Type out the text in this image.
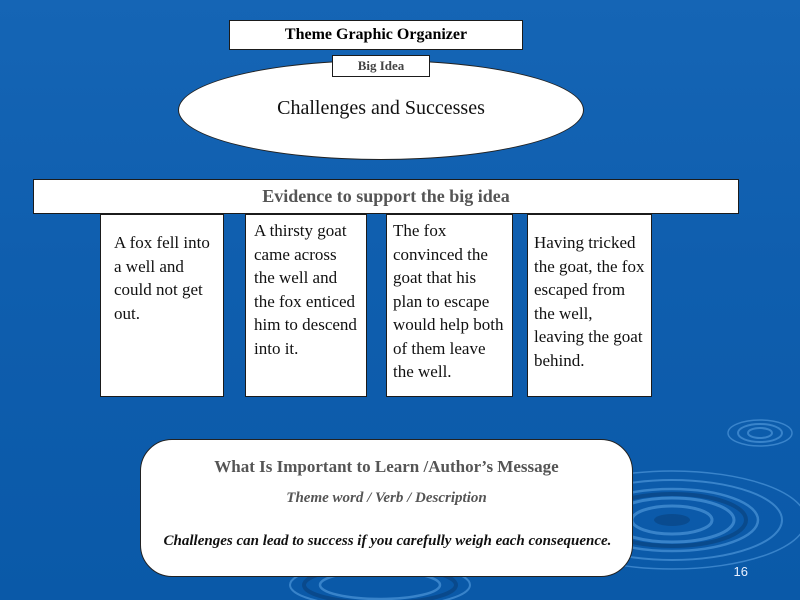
Theme Graphic Organizer
Challenges and Successes
Big Idea
Evidence to support the big idea
A fox fell into a well and could not get out.
A thirsty goat came across the well and the fox enticed him to descend into it.
The fox convinced the goat that his plan to escape would help both of them leave the well.
Having tricked the goat, the fox escaped from the well, leaving the goat behind.
What Is Important to Learn /Author’s Message
Theme word / Verb / Description
Challenges can lead to success if you carefully weigh each consequence.
16
